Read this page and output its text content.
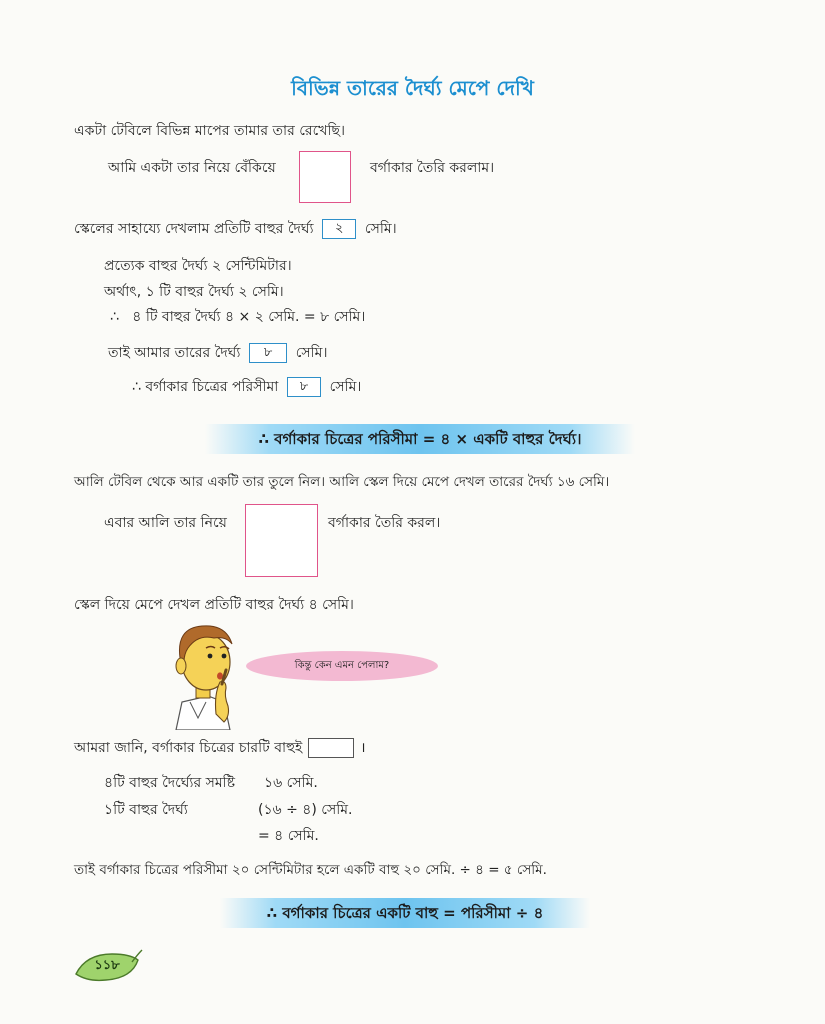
বিভিন্ন তারের দৈর্ঘ্য মেপে দেখি
একটা টেবিলে বিভিন্ন মাপের তামার তার রেখেছি।
আমি একটা তার নিয়ে বেঁকিয়ে	বর্গাকার তৈরি করলাম।
স্কেলের সাহায্যে দেখলাম প্রতিটি বাহুর দৈর্ঘ্য ২ সেমি।
প্রত্যেক বাহুর দৈর্ঘ্য ২ সেন্টিমিটার।
অর্থাৎ, ১ টি বাহুর দৈর্ঘ্য ২ সেমি।
∴ ৪ টি বাহুর দৈর্ঘ্য ৪ × ২ সেমি. = ৮ সেমি।
তাই আমার তারের দৈর্ঘ্য ৮ সেমি।
∴ বর্গাকার চিত্রের পরিসীমা ৮ সেমি।
∴ বর্গাকার চিত্রের পরিসীমা = ৪ × একটি বাহুর দৈর্ঘ্য।
আলি টেবিল থেকে আর একটি তার তুলে নিল। আলি স্কেল দিয়ে মেপে দেখল তারের দৈর্ঘ্য ১৬ সেমি।
এবার আলি তার নিয়ে	বর্গাকার তৈরি করল।
স্কেল দিয়ে মেপে দেখল প্রতিটি বাহুর দৈর্ঘ্য ৪ সেমি।
কিন্তু কেন এমন পেলাম?
আমরা জানি, বর্গাকার চিত্রের চারটি বাহুই	।
৪টি বাহুর দৈর্ঘ্যের সমষ্টি ১৬ সেমি.
১টি বাহুর দৈর্ঘ্য	(১৬ ÷ ৪) সেমি.
= ৪ সেমি.
তাই বর্গাকার চিত্রের পরিসীমা ২০ সেন্টিমিটার হলে একটি বাহু ২০ সেমি. ÷ ৪ = ৫ সেমি.
∴ বর্গাকার চিত্রের একটি বাহু = পরিসীমা ÷ ৪
১১৮
